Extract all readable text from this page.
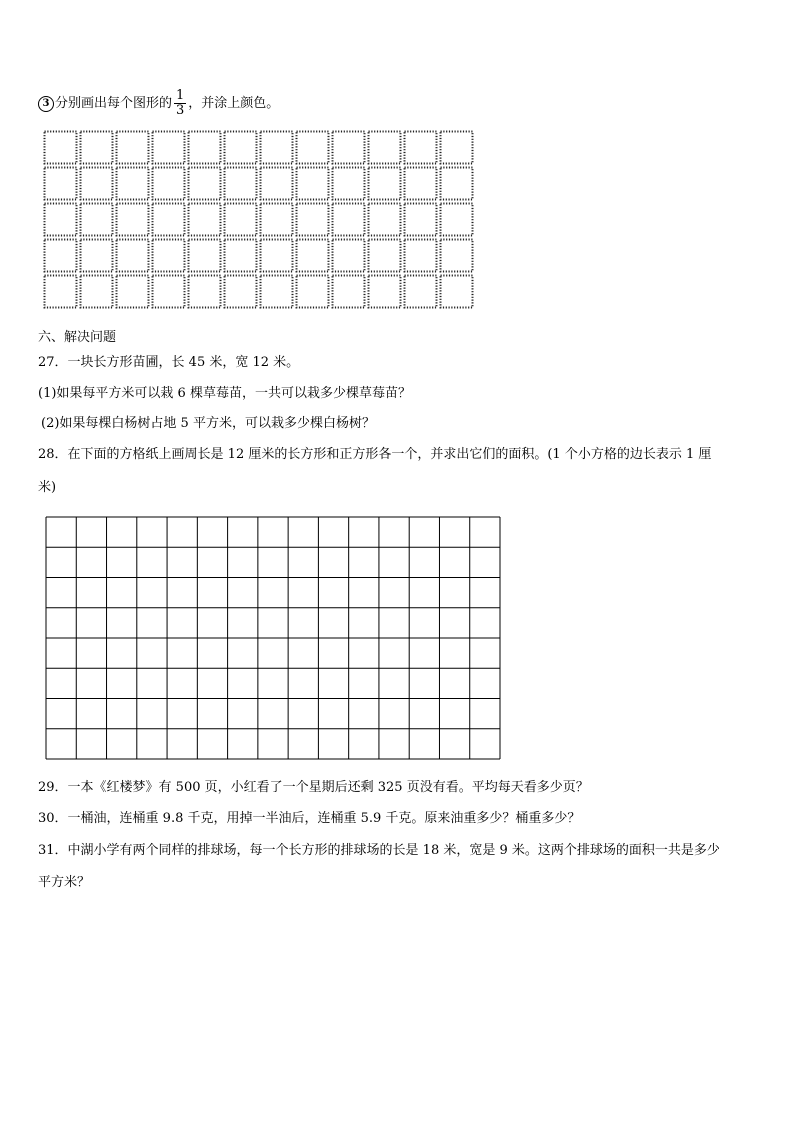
3 分别画出每个图形的 $\frac{1}{3}$ ，并涂上颜色。
六、解决问题
27．一块长方形苗圃，长 45 米，宽 12 米。
(1)如果每平方米可以栽 6 棵草莓苗，一共可以栽多少棵草莓苗？
(2)如果每棵白杨树占地 5 平方米，可以栽多少棵白杨树？
28．在下面的方格纸上画周长是 12 厘米的长方形和正方形各一个，并求出它们的面积。(1 个小方格的边长表示 1 厘
米)
29．一本《红楼梦》有 500 页，小红看了一个星期后还剩 325 页没有看。平均每天看多少页？
30．一桶油，连桶重 9.8 千克，用掉一半油后，连桶重 5.9 千克。原来油重多少？桶重多少？
31．中湖小学有两个同样的排球场，每一个长方形的排球场的长是 18 米，宽是 9 米。这两个排球场的面积一共是多少
平方米？
